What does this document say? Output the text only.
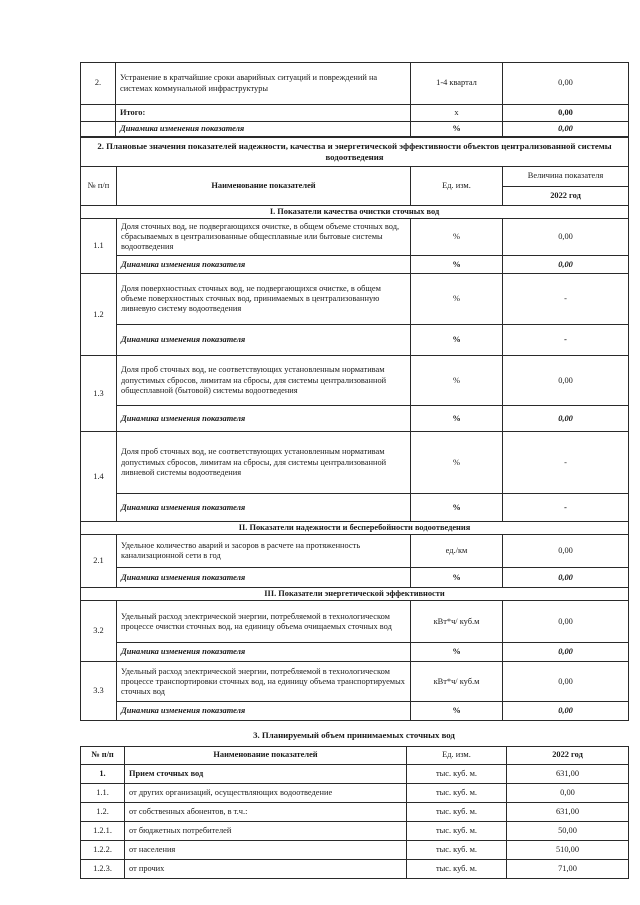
2.	Устранение в кратчайшие сроки аварийных ситуаций и повреждений на системах коммунальной инфраструктуры	1-4 квартал	0,00
	Итого:	х	0,00
	Динамика изменения показателя	%	0,00
2. Плановые значения показателей надежности, качества и энергетической эффективности объектов централизованной системы водоотведения			
№ п/п	Наименование показателей	Ед. изм.	Величина показателя
			2022 год
I. Показатели качества очистки сточных вод			
1.1	Доля сточных вод, не подвергающихся очистке, в общем объеме сточных вод, сбрасываемых в централизованные общесплавные или бытовые системы водоотведения	%	0,00
	Динамика изменения показателя	%	0,00
1.2	Доля поверхностных сточных вод, не подвергающихся очистке, в общем объеме поверхностных сточных вод, принимаемых в централизованную ливневую систему водоотведения	%	-
	Динамика изменения показателя	%	-
1.3	Доля проб сточных вод, не соответствующих установленным нормативам допустимых сбросов, лимитам на сбросы, для системы централизованной общесплавной (бытовой) системы водоотведения	%	0,00
	Динамика изменения показателя	%	0,00
1.4	Доля проб сточных вод, не соответствующих установленным нормативам допустимых сбросов, лимитам на сбросы, для системы централизованной ливневой системы водоотведения	%	-
	Динамика изменения показателя	%	-
II. Показатели надежности и бесперебойности водоотведения			
2.1	Удельное количество аварий и засоров в расчете на протяженность канализационной сети в год	ед./км	0,00
	Динамика изменения показателя	%	0,00
III. Показатели энергетической эффективности			
3.2	Удельный расход электрической энергии, потребляемой в технологическом процессе очистки сточных вод, на единицу объема очищаемых сточных вод	кВт*ч/ куб.м	0,00
	Динамика изменения показателя	%	0,00
3.3	Удельный расход электрической энергии, потребляемой в технологическом процессе транспортировки сточных вод, на единицу объема транспортируемых сточных вод	кВт*ч/ куб.м	0,00
	Динамика изменения показателя	%	0,00
3. Планируемый объем принимаемых сточных вод
№ п/п	Наименование показателей	Ед. изм.	2022 год
1.	Прием сточных вод	тыс. куб. м.	631,00
1.1.	от других организаций, осуществляющих водоотведение	тыс. куб. м.	0,00
1.2.	от собственных абонентов, в т.ч.:	тыс. куб. м.	631,00
1.2.1.	от бюджетных потребителей	тыс. куб. м.	50,00
1.2.2.	от населения	тыс. куб. м.	510,00
1.2.3.	от прочих	тыс. куб. м.	71,00
